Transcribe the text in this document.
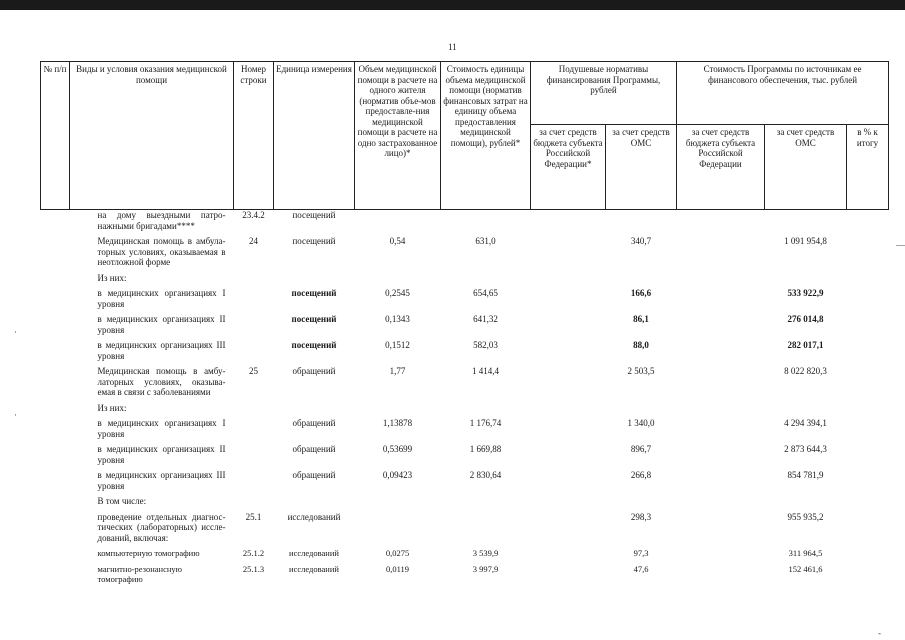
11
№ п/п	Виды и условия оказания медицинской помощи	Номер строки	Единица измерения	Объем медицинской помощи в расчете на одного жителя (норматив объе-мов предоставле-ния медицинской помощи в расчете на одно застрахованное лицо)*	Стоимость единицы объема медицинской помощи (норматив финансовых затрат на единицу объема предоставления медицинской помощи), рублей*	Подушевые нормативы финансирования Программы, рублей		Стоимость Программы по источникам ее финансового обеспечения, тыс. рублей		
						за счет средств бюджета субъекта Российской Федерации*	за счет средств ОМС	за счет средств бюджета субъекта Российской Федерации	за счет средств ОМС	в % к итогу
	на дому выездными патро-нажными бригадами****	23.4.2	посещений							

	Медицинская помощь в амбула-торных условиях, оказываемая в неотложной форме	24	посещений	0,54	631,0		340,7		1 091 954,8	

	Из них:									

	в медицинских организациях I уровня		посещений	0,2545	654,65		166,6		533 922,9	

	в медицинских организациях II уровня		посещений	0,1343	641,32		86,1		276 014,8	

	в медицинских организациях III уровня		посещений	0,1512	582,03		88,0		282 017,1	

	Медицинская помощь в амбу-латорных условиях, оказыва-емая в связи с заболеваниями	25	обращений	1,77	1 414,4		2 503,5		8 022 820,3	

	Из них:									

	в медицинских организациях I уровня		обращений	1,13878	1 176,74		1 340,0		4 294 394,1	

	в медицинских организациях II уровня		обращений	0,53699	1 669,88		896,7		2 873 644,3	

	в медицинских организациях III уровня		обращений	0,09423	2 830,64		266,8		854 781,9	

	В том числе:									

	проведение отдельных диагнос-тических (лабораторных) иссле-дований, включая:	25.1	исследований				298,3		955 935,2	

	компьютерную томографию	25.1.2	исследований	0,0275	3 539,9		97,3		311 964,5	

	магнитно-резонансную томографию	25.1.3	исследований	0,0119	3 997,9		47,6		152 461,6	
—
·
·
-
